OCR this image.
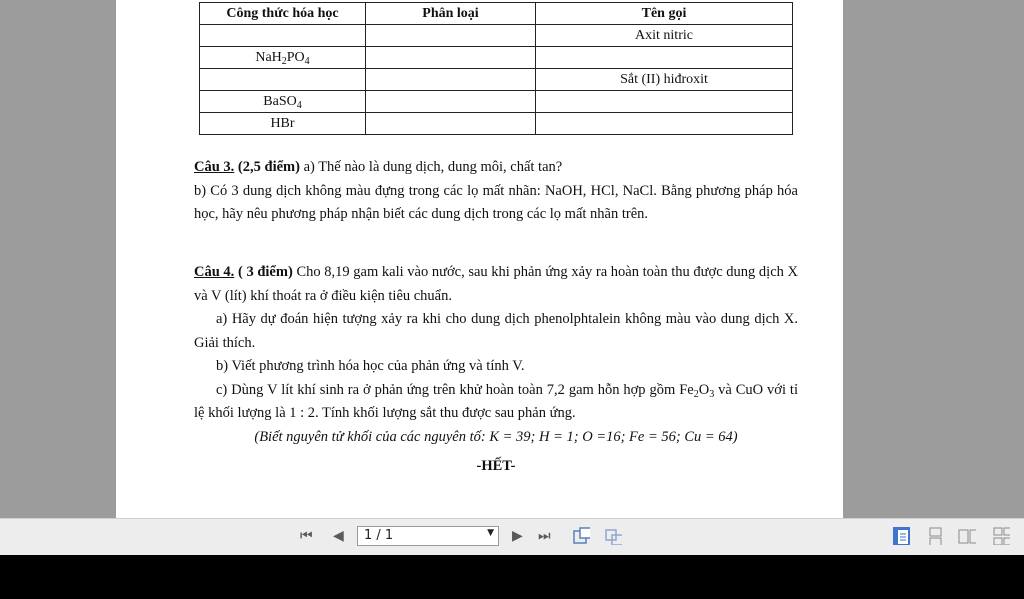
Công thức hóa học	Phân loại	Tên gọi
		Axit nitric
$NaH_2PO_4$		
		Sắt (II) hiđroxit
BaSO$_4$		
HBr		
Câu 3. (2,5 điểm) a) Thế nào là dung dịch, dung môi, chất tan?
b) Có 3 dung dịch không màu đựng trong các lọ mất nhãn: NaOH, HCl, NaCl. Bằng phương pháp hóa học, hãy nêu phương pháp nhận biết các dung dịch trong các lọ mất nhãn trên.
Câu 4. ( 3 điểm) Cho 8,19 gam kali vào nước, sau khi phản ứng xảy ra hoàn toàn thu được dung dịch X và V (lít) khí thoát ra ở điều kiện tiêu chuẩn.
a) Hãy dự đoán hiện tượng xảy ra khi cho dung dịch phenolphtalein không màu vào dung dịch X. Giải thích.
b) Viết phương trình hóa học của phản ứng và tính V.
c) Dùng V lít khí sinh ra ở phản ứng trên khử hoàn toàn 7,2 gam hỗn hợp gồm $Fe_2O_3$ và CuO với tỉ lệ khối lượng là 1 : 2. Tính khối lượng sắt thu được sau phản ứng.
(Biết nguyên tử khối của các nguyên tố: K = 39; H = 1; O =16; Fe = 56; Cu = 64)
-HẾT-
⏮ ◀ 1 / 1	▼ ▶ ⏭
